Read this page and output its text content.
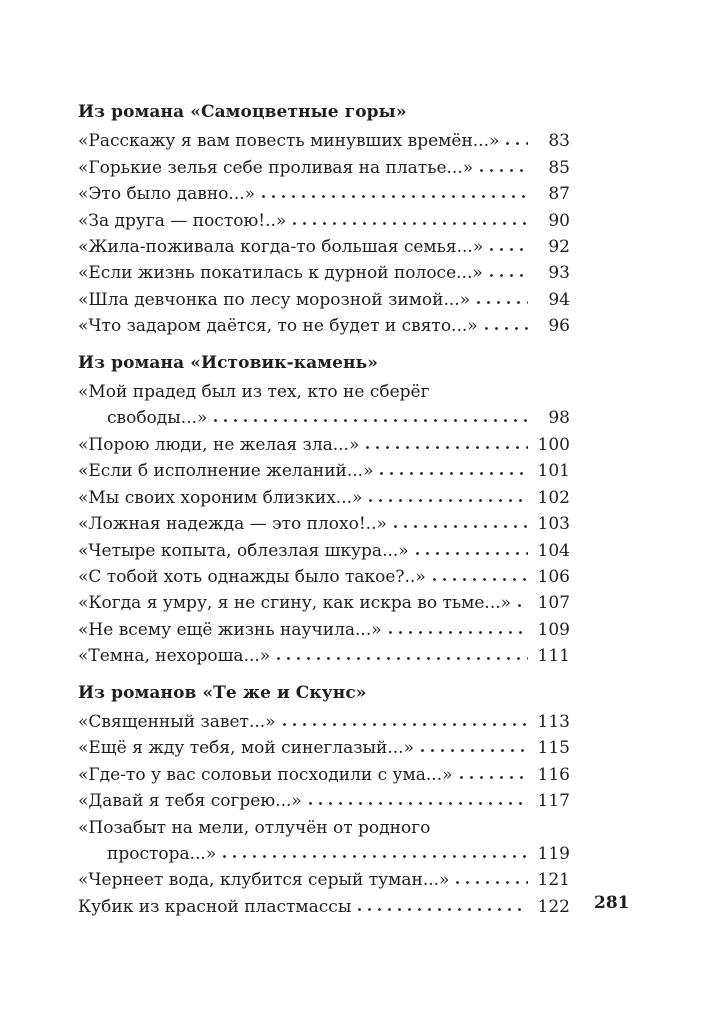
Из романа «Самоцветные горы»
«Расскажу я вам повесть минувших времён...»	83
«Горькие зелья себе проливая на платье...»	85
«Это было давно...»	87
«За друга — постою!..»	90
«Жила-поживала когда-то большая семья...»	92
«Если жизнь покатилась к дурной полосе...»	93
«Шла девчонка по лесу морозной зимой...»	94
«Что задаром даётся, то не будет и свято...»	96
Из романа «Истовик-камень»
«Мой прадед был из тех, кто не сберёг
свободы...»	98
«Порою люди, не желая зла...»	100
«Если б исполнение желаний...»	101
«Мы своих хороним близких...»	102
«Ложная надежда — это плохо!..»	103
«Четыре копыта, облезлая шкура...»	104
«С тобой хоть однажды было такое?..»	106
«Когда я умру, я не сгину, как искра во тьме...» 107
«Не всему ещё жизнь научила...»	109
«Темна, нехороша...»	111
Из романов «Те же и Скунс»
«Священный завет...»	113
«Ещё я жду тебя, мой синеглазый...»	115
«Где-то у вас соловьи посходили с ума...»	116
«Давай я тебя согрею...»	117
«Позабыт на мели, отлучён от родного
простора...»	119
«Чернеет вода, клубится серый туман...»	121
Кубик из красной пластмассы	122 281
